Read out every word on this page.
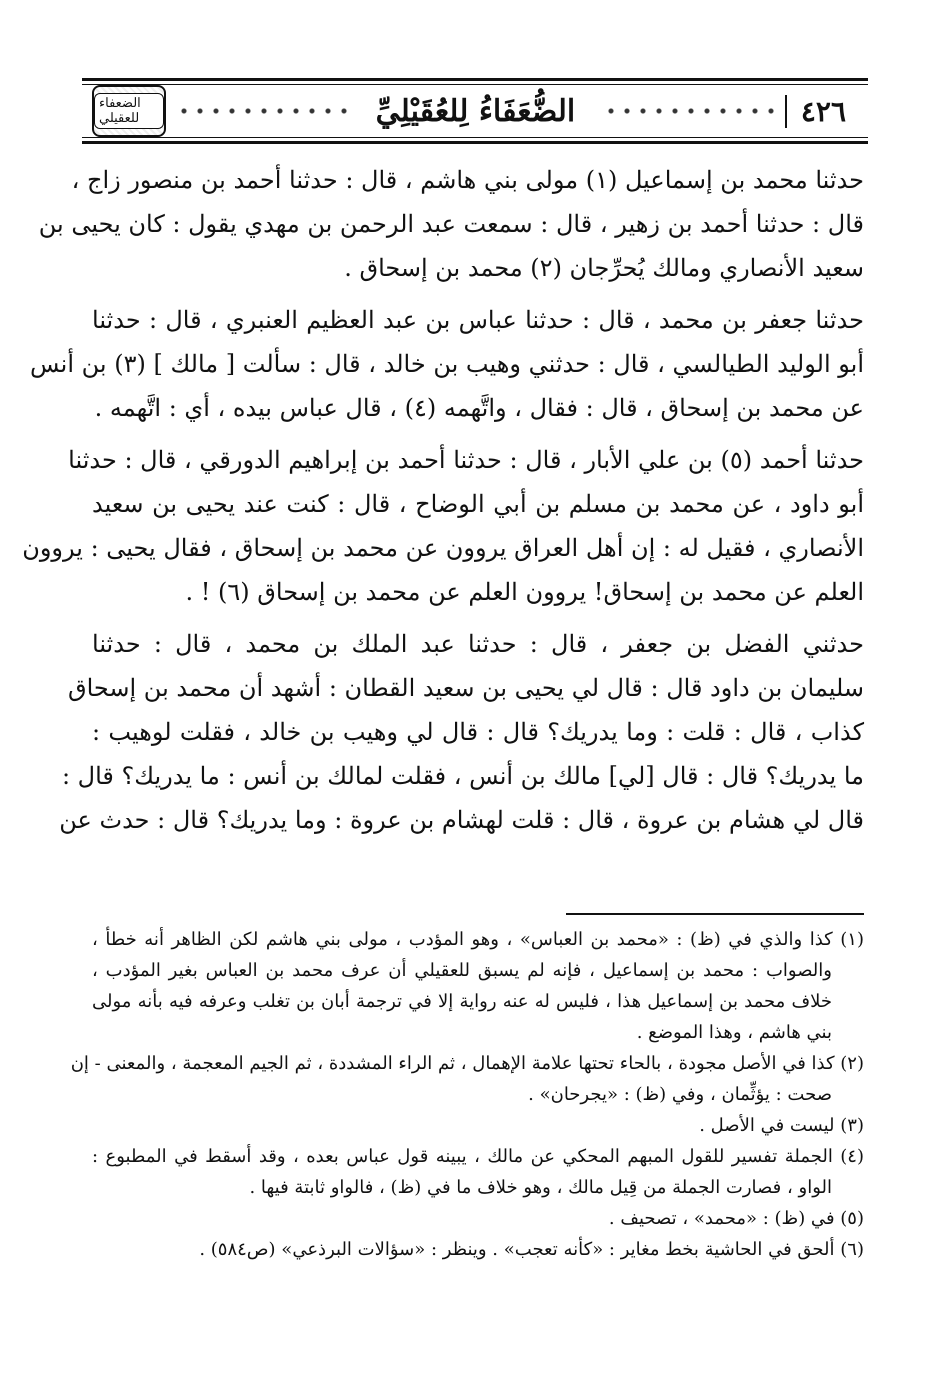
الضعفاء للعقيلي	الضُّعَفَاءُ لِلعُقَيْلِيِّ	٤٢٦

حدثنا محمد بن إسماعيل (١) مولى بني هاشم ، قال : حدثنا أحمد بن منصور زاج ،
قال : حدثنا أحمد بن زهير ، قال : سمعت عبد الرحمن بن مهدي يقول : كان يحيى بن
سعيد الأنصاري ومالك يُحرِّجان (٢) محمد بن إسحاق .

حدثنا جعفر بن محمد ، قال : حدثنا عباس بن عبد العظيم العنبري ، قال : حدثنا
أبو الوليد الطيالسي ، قال : حدثني وهيب بن خالد ، قال : سألت [ مالك ] (٣) بن أنس
عن محمد بن إسحاق ، قال : فقال ، واتَّهمه (٤) ، قال عباس بيده ، أي : اتَّهمه .

حدثنا أحمد (٥) بن علي الأبار ، قال : حدثنا أحمد بن إبراهيم الدورقي ، قال : حدثنا
أبو داود ، عن محمد بن مسلم بن أبي الوضاح ، قال : كنت عند يحيى بن سعيد
الأنصاري ، فقيل له : إن أهل العراق يروون عن محمد بن إسحاق ، فقال يحيى : يروون
العلم عن محمد بن إسحاق! يروون العلم عن محمد بن إسحاق (٦) ! .

حدثني الفضل بن جعفر ، قال : حدثنا عبد الملك بن محمد ، قال : حدثنا
سليمان بن داود قال : قال لي يحيى بن سعيد القطان : أشهد أن محمد بن إسحاق
كذاب ، قال : قلت : وما يدريك؟ قال : قال لي وهيب بن خالد ، فقلت لوهيب :
ما يدريك؟ قال : قال [لي] مالك بن أنس ، فقلت لمالك بن أنس : ما يدريك؟ قال :
قال لي هشام بن عروة ، قال : قلت لهشام بن عروة : وما يدريك؟ قال : حدث عن

(١) كذا والذي في (ظ) : «محمد بن العباس» ، وهو المؤدب ، مولى بني هاشم لكن الظاهر أنه خطأ ،
والصواب : محمد بن إسماعيل ، فإنه لم يسبق للعقيلي أن عرف محمد بن العباس بغير المؤدب ،
خلاف محمد بن إسماعيل هذا ، فليس له عنه رواية إلا في ترجمة أبان بن تغلب وعرفه فيه بأنه مولى
بني هاشم ، وهذا الموضع .
(٢) كذا في الأصل مجودة ، بالحاء تحتها علامة الإهمال ، ثم الراء المشددة ، ثم الجيم المعجمة ، والمعنى - إن
صحت : يؤثِّمان ، وفي (ظ) : «يجرحان» .
(٣) ليست في الأصل .
(٤) الجملة تفسير للقول المبهم المحكي عن مالك ، يبينه قول عباس بعده ، وقد أسقط في المطبوع :
الواو ، فصارت الجملة من قِيل مالك ، وهو خلاف ما في (ظ) ، فالواو ثابتة فيها .
(٥) في (ظ) : «محمد» ، تصحيف .
(٦) ألحق في الحاشية بخط مغاير : «كأنه تعجب» . وينظر : «سؤالات البرذعي» (ص٥٨٤) .
